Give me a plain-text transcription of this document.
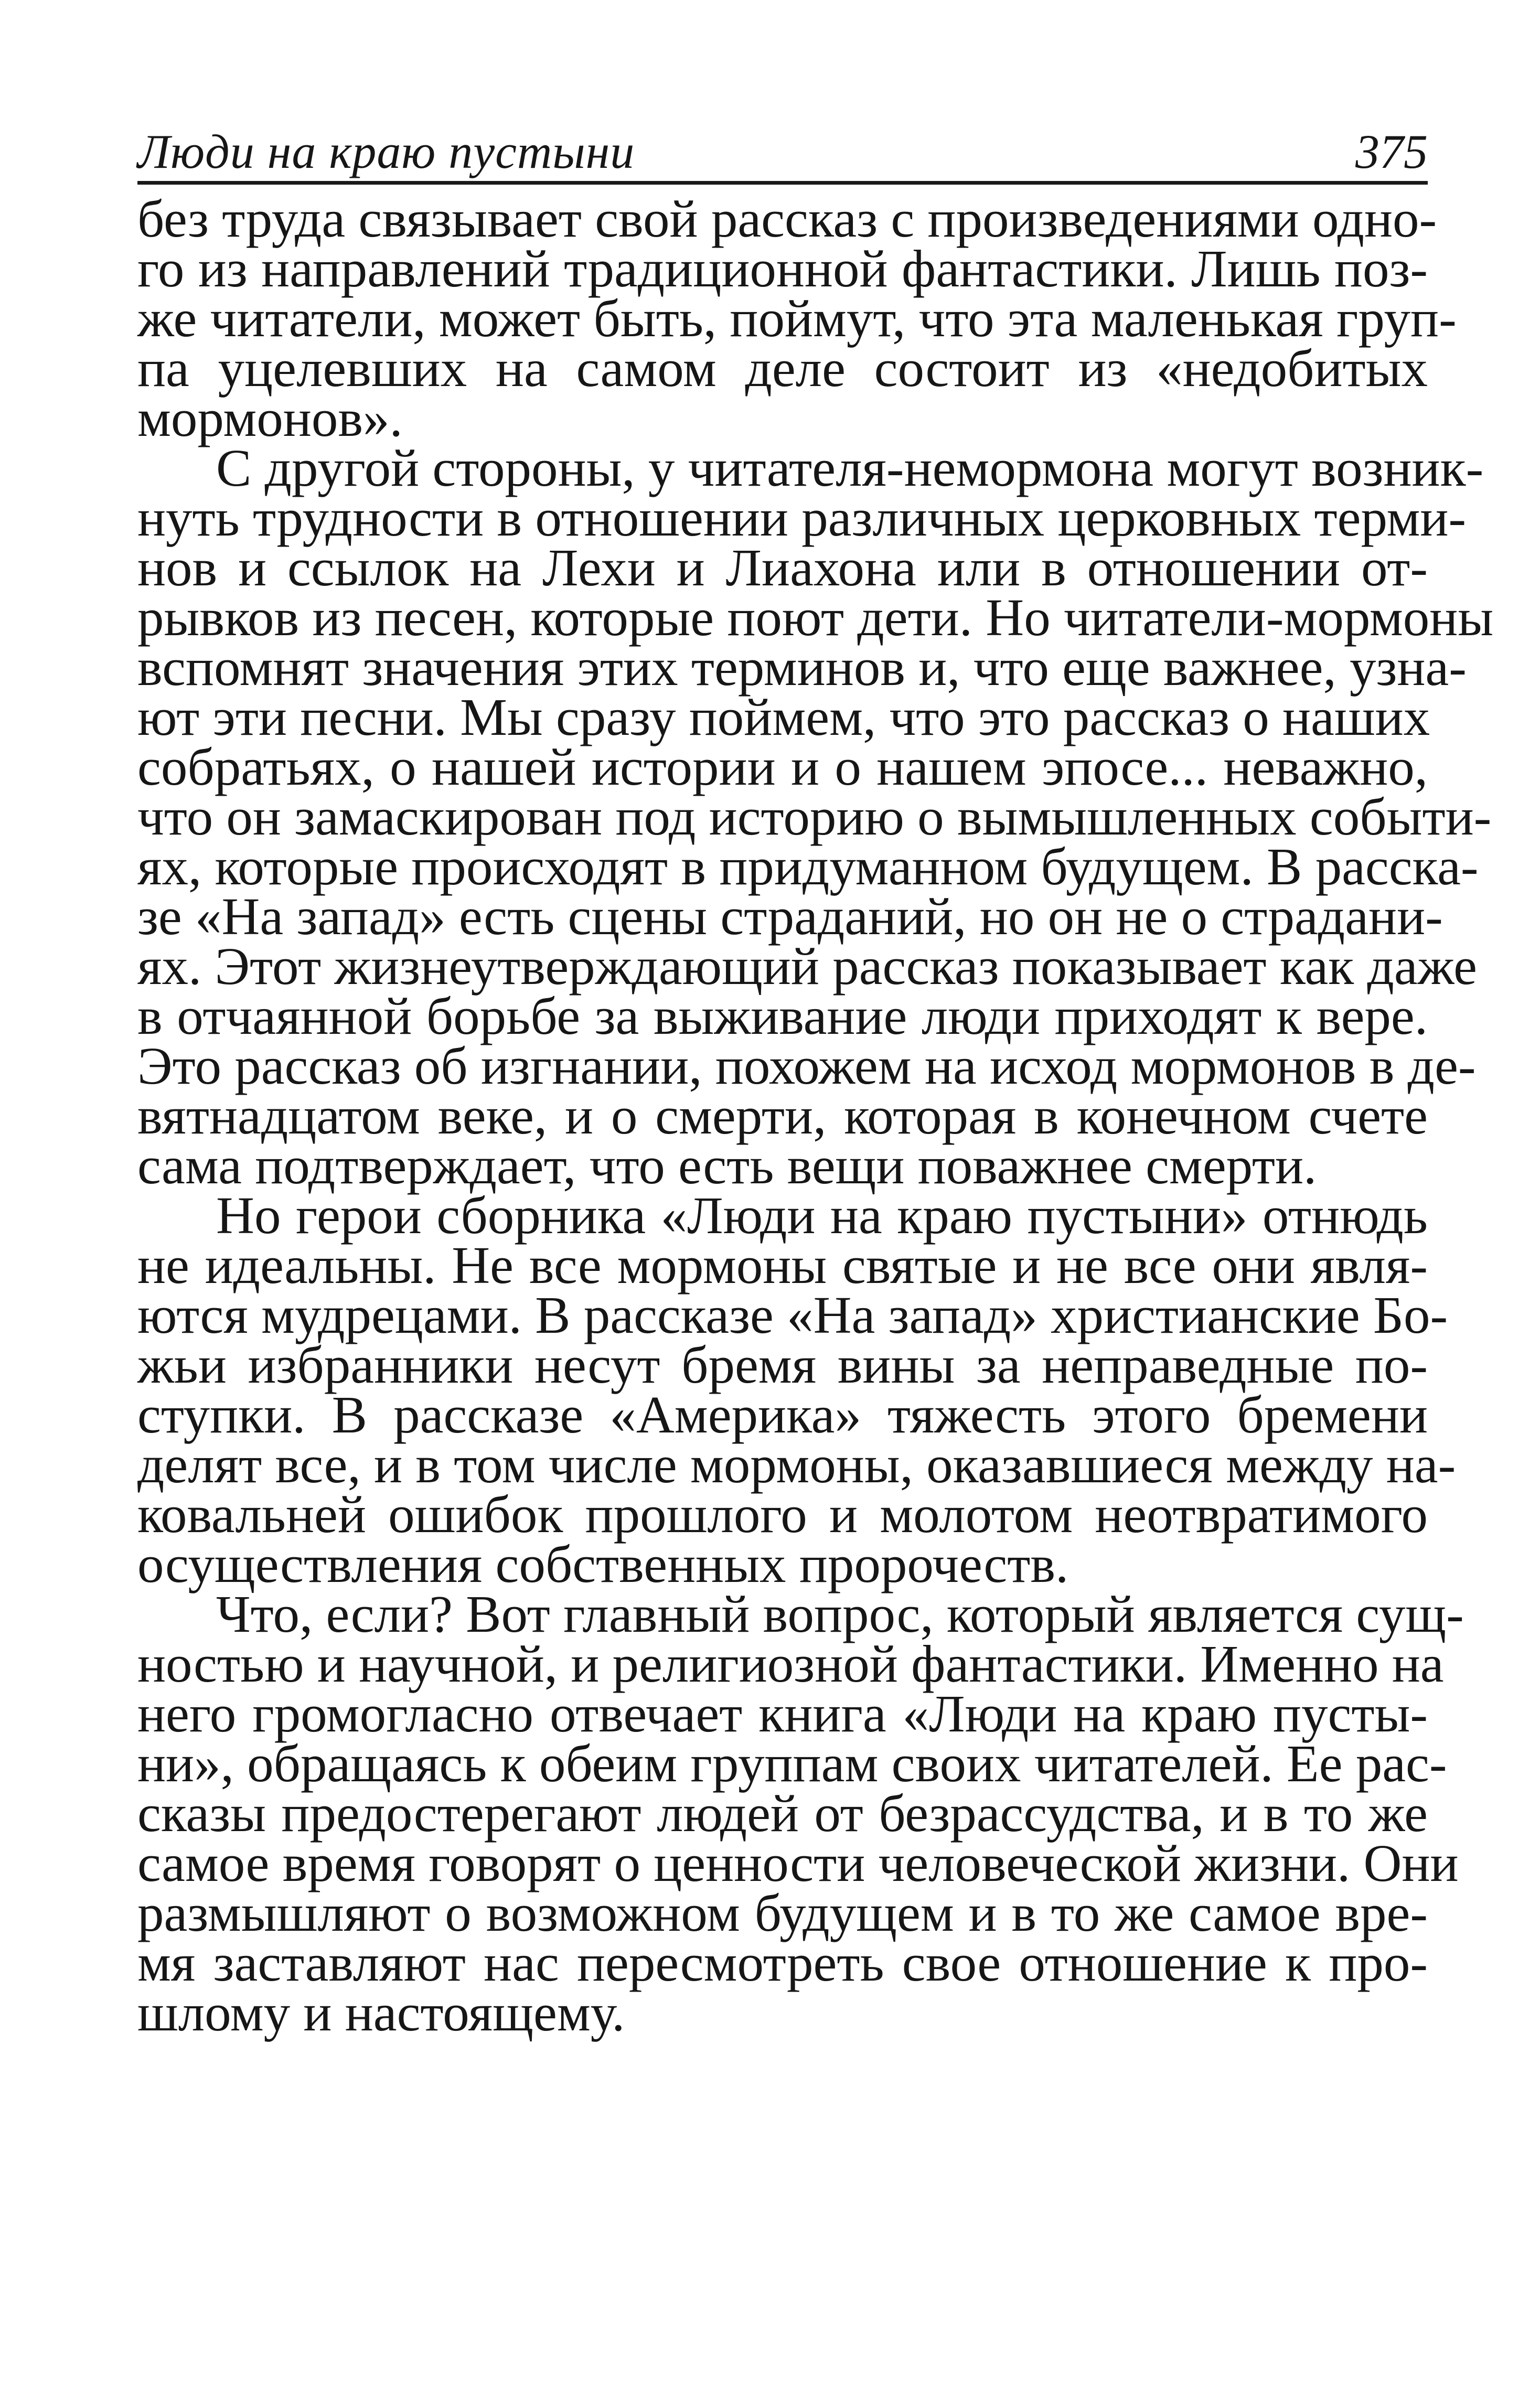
Люди на краю пустыни	375
без труда связывает свой рассказ с произведениями одно-
го из направлений традиционной фантастики. Лишь поз-
же читатели, может быть, поймут, что эта маленькая груп-
па уцелевших на самом деле состоит из «недобитых
мормонов».
С другой стороны, у читателя-немормона могут возник-
нуть трудности в отношении различных церковных терми-
нов и ссылок на Лехи и Лиахона или в отношении от-
рывков из песен, которые поют дети. Но читатели-мормоны
вспомнят значения этих терминов и, что еще важнее, узна-
ют эти песни. Мы сразу поймем, что это рассказ о наших
собратьях, о нашей истории и о нашем эпосе... неважно,
что он замаскирован под историю о вымышленных событи-
ях, которые происходят в придуманном будущем. В расска-
зе «На запад» есть сцены страданий, но он не о страдани-
ях. Этот жизнеутверждающий рассказ показывает как даже
в отчаянной борьбе за выживание люди приходят к вере.
Это рассказ об изгнании, похожем на исход мормонов в де-
вятнадцатом веке, и о смерти, которая в конечном счете
сама подтверждает, что есть вещи поважнее смерти.
Но герои сборника «Люди на краю пустыни» отнюдь
не идеальны. Не все мормоны святые и не все они явля-
ются мудрецами. В рассказе «На запад» христианские Бо-
жьи избранники несут бремя вины за неправедные по-
ступки. В рассказе «Америка» тяжесть этого бремени
делят все, и в том числе мормоны, оказавшиеся между на-
ковальней ошибок прошлого и молотом неотвратимого
осуществления собственных пророчеств.
Что, если? Вот главный вопрос, который является сущ-
ностью и научной, и религиозной фантастики. Именно на
него громогласно отвечает книга «Люди на краю пусты-
ни», обращаясь к обеим группам своих читателей. Ее рас-
сказы предостерегают людей от безрассудства, и в то же
самое время говорят о ценности человеческой жизни. Они
размышляют о возможном будущем и в то же самое вре-
мя заставляют нас пересмотреть свое отношение к про-
шлому и настоящему.
